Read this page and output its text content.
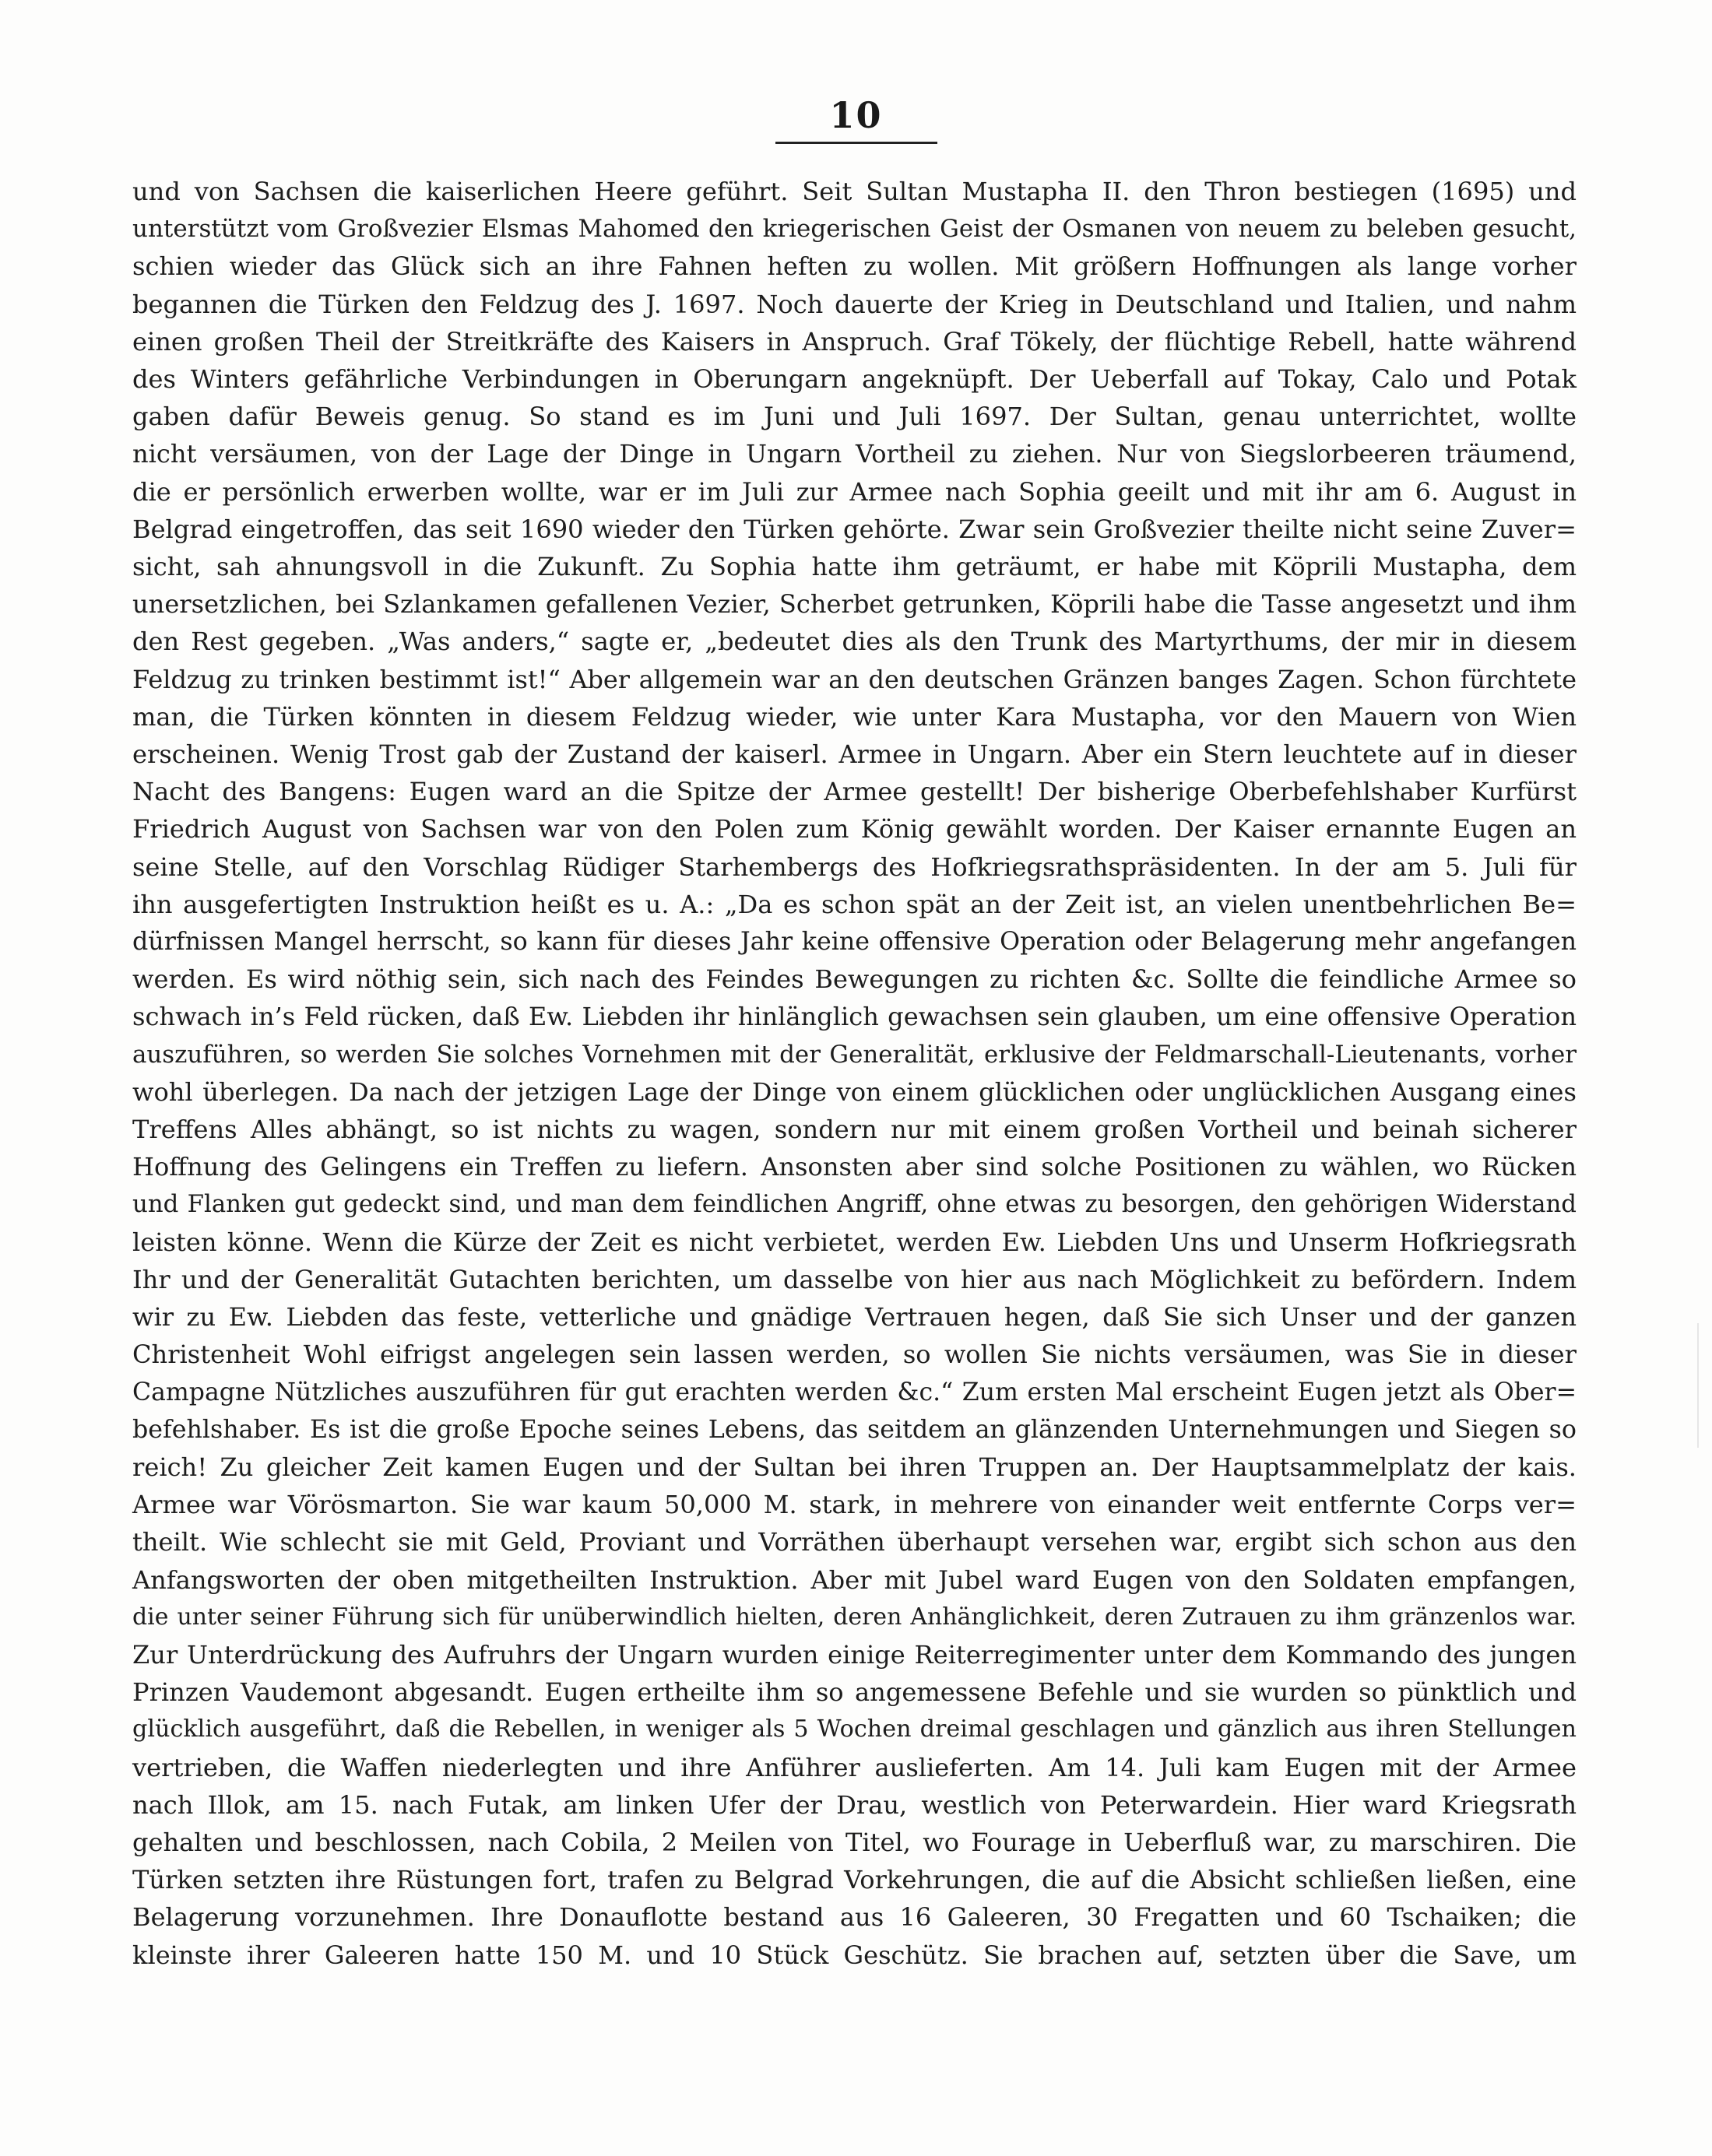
10
und von Sachsen die kaiserlichen Heere geführt. Seit Sultan Mustapha II. den Thron bestiegen (1695) und
unterstützt vom Großvezier Elsmas Mahomed den kriegerischen Geist der Osmanen von neuem zu beleben gesucht,
schien wieder das Glück sich an ihre Fahnen heften zu wollen. Mit größern Hoffnungen als lange vorher
begannen die Türken den Feldzug des J. 1697. Noch dauerte der Krieg in Deutschland und Italien, und nahm
einen großen Theil der Streitkräfte des Kaisers in Anspruch. Graf Tökely, der flüchtige Rebell, hatte während
des Winters gefährliche Verbindungen in Oberungarn angeknüpft. Der Ueberfall auf Tokay, Calo und Potak
gaben dafür Beweis genug. So stand es im Juni und Juli 1697. Der Sultan, genau unterrichtet, wollte
nicht versäumen, von der Lage der Dinge in Ungarn Vortheil zu ziehen. Nur von Siegslorbeeren träumend,
die er persönlich erwerben wollte, war er im Juli zur Armee nach Sophia geeilt und mit ihr am 6. August in
Belgrad eingetroffen, das seit 1690 wieder den Türken gehörte. Zwar sein Großvezier theilte nicht seine Zuver=
sicht, sah ahnungsvoll in die Zukunft. Zu Sophia hatte ihm geträumt, er habe mit Köprili Mustapha, dem
unersetzlichen, bei Szlankamen gefallenen Vezier, Scherbet getrunken, Köprili habe die Tasse angesetzt und ihm
den Rest gegeben. „Was anders,“ sagte er, „bedeutet dies als den Trunk des Martyrthums, der mir in diesem
Feldzug zu trinken bestimmt ist!“ Aber allgemein war an den deutschen Gränzen banges Zagen. Schon fürchtete
man, die Türken könnten in diesem Feldzug wieder, wie unter Kara Mustapha, vor den Mauern von Wien
erscheinen. Wenig Trost gab der Zustand der kaiserl. Armee in Ungarn. Aber ein Stern leuchtete auf in dieser
Nacht des Bangens: Eugen ward an die Spitze der Armee gestellt! Der bisherige Oberbefehlshaber Kurfürst
Friedrich August von Sachsen war von den Polen zum König gewählt worden. Der Kaiser ernannte Eugen an
seine Stelle, auf den Vorschlag Rüdiger Starhembergs des Hofkriegsrathspräsidenten. In der am 5. Juli für
ihn ausgefertigten Instruktion heißt es u. A.: „Da es schon spät an der Zeit ist, an vielen unentbehrlichen Be=
dürfnissen Mangel herrscht, so kann für dieses Jahr keine offensive Operation oder Belagerung mehr angefangen
werden. Es wird nöthig sein, sich nach des Feindes Bewegungen zu richten &c. Sollte die feindliche Armee so
schwach in’s Feld rücken, daß Ew. Liebden ihr hinlänglich gewachsen sein glauben, um eine offensive Operation
auszuführen, so werden Sie solches Vornehmen mit der Generalität, erklusive der Feldmarschall-Lieutenants, vorher
wohl überlegen. Da nach der jetzigen Lage der Dinge von einem glücklichen oder unglücklichen Ausgang eines
Treffens Alles abhängt, so ist nichts zu wagen, sondern nur mit einem großen Vortheil und beinah sicherer
Hoffnung des Gelingens ein Treffen zu liefern. Ansonsten aber sind solche Positionen zu wählen, wo Rücken
und Flanken gut gedeckt sind, und man dem feindlichen Angriff, ohne etwas zu besorgen, den gehörigen Widerstand
leisten könne. Wenn die Kürze der Zeit es nicht verbietet, werden Ew. Liebden Uns und Unserm Hofkriegsrath
Ihr und der Generalität Gutachten berichten, um dasselbe von hier aus nach Möglichkeit zu befördern. Indem
wir zu Ew. Liebden das feste, vetterliche und gnädige Vertrauen hegen, daß Sie sich Unser und der ganzen
Christenheit Wohl eifrigst angelegen sein lassen werden, so wollen Sie nichts versäumen, was Sie in dieser
Campagne Nützliches auszuführen für gut erachten werden &c.“ Zum ersten Mal erscheint Eugen jetzt als Ober=
befehlshaber. Es ist die große Epoche seines Lebens, das seitdem an glänzenden Unternehmungen und Siegen so
reich! Zu gleicher Zeit kamen Eugen und der Sultan bei ihren Truppen an. Der Hauptsammelplatz der kais.
Armee war Vörösmarton. Sie war kaum 50,000 M. stark, in mehrere von einander weit entfernte Corps ver=
theilt. Wie schlecht sie mit Geld, Proviant und Vorräthen überhaupt versehen war, ergibt sich schon aus den
Anfangsworten der oben mitgetheilten Instruktion. Aber mit Jubel ward Eugen von den Soldaten empfangen,
die unter seiner Führung sich für unüberwindlich hielten, deren Anhänglichkeit, deren Zutrauen zu ihm gränzenlos war.
Zur Unterdrückung des Aufruhrs der Ungarn wurden einige Reiterregimenter unter dem Kommando des jungen
Prinzen Vaudemont abgesandt. Eugen ertheilte ihm so angemessene Befehle und sie wurden so pünktlich und
glücklich ausgeführt, daß die Rebellen, in weniger als 5 Wochen dreimal geschlagen und gänzlich aus ihren Stellungen
vertrieben, die Waffen niederlegten und ihre Anführer auslieferten. Am 14. Juli kam Eugen mit der Armee
nach Illok, am 15. nach Futak, am linken Ufer der Drau, westlich von Peterwardein. Hier ward Kriegsrath
gehalten und beschlossen, nach Cobila, 2 Meilen von Titel, wo Fourage in Ueberfluß war, zu marschiren. Die
Türken setzten ihre Rüstungen fort, trafen zu Belgrad Vorkehrungen, die auf die Absicht schließen ließen, eine
Belagerung vorzunehmen. Ihre Donauflotte bestand aus 16 Galeeren, 30 Fregatten und 60 Tschaiken; die
kleinste ihrer Galeeren hatte 150 M. und 10 Stück Geschütz. Sie brachen auf, setzten über die Save, um
